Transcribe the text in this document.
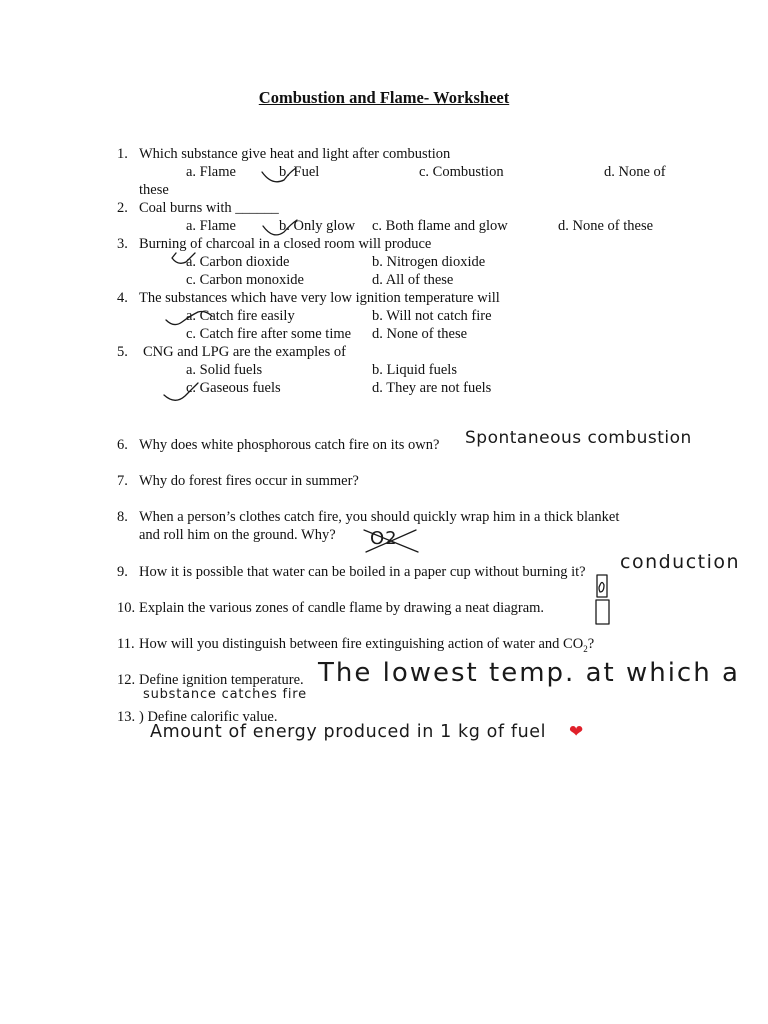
Combustion and Flame- Worksheet
1. Which substance give heat and light after combustion
a. Flame	b. Fuel	c. Combustion	d. None of
these
2. Coal burns with ______
a. Flame	b. Only glow c. Both flame and glow	d. None of these
3. Burning of charcoal in a closed room will produce
a. Carbon dioxide	b. Nitrogen dioxide
c. Carbon monoxide	d. All of these
4. The substances which have very low ignition temperature will
a. Catch fire easily	b. Will not catch fire
c. Catch fire after some time d. None of these
5. CNG and LPG are the examples of
a. Solid fuels	b. Liquid fuels
c. Gaseous fuels	d. They are not fuels
6. Why does white phosphorous catch fire on its own? Spontaneous combustion
7. Why do forest fires occur in summer?
8. When a person’s clothes catch fire, you should quickly wrap him in a thick blanket
and roll him on the ground. Why? O2
9. How it is possible that water can be boiled in a paper cup without burning it? conduction
10. Explain the various zones of candle flame by drawing a neat diagram.
11. How will you distinguish between fire extinguishing action of water and $CO_2$?
12. Define ignition temperature. The lowest temp. at which a
substance catches fire
13. ) Define calorific value.
Amount of energy produced in 1 kg of fuel ❤
